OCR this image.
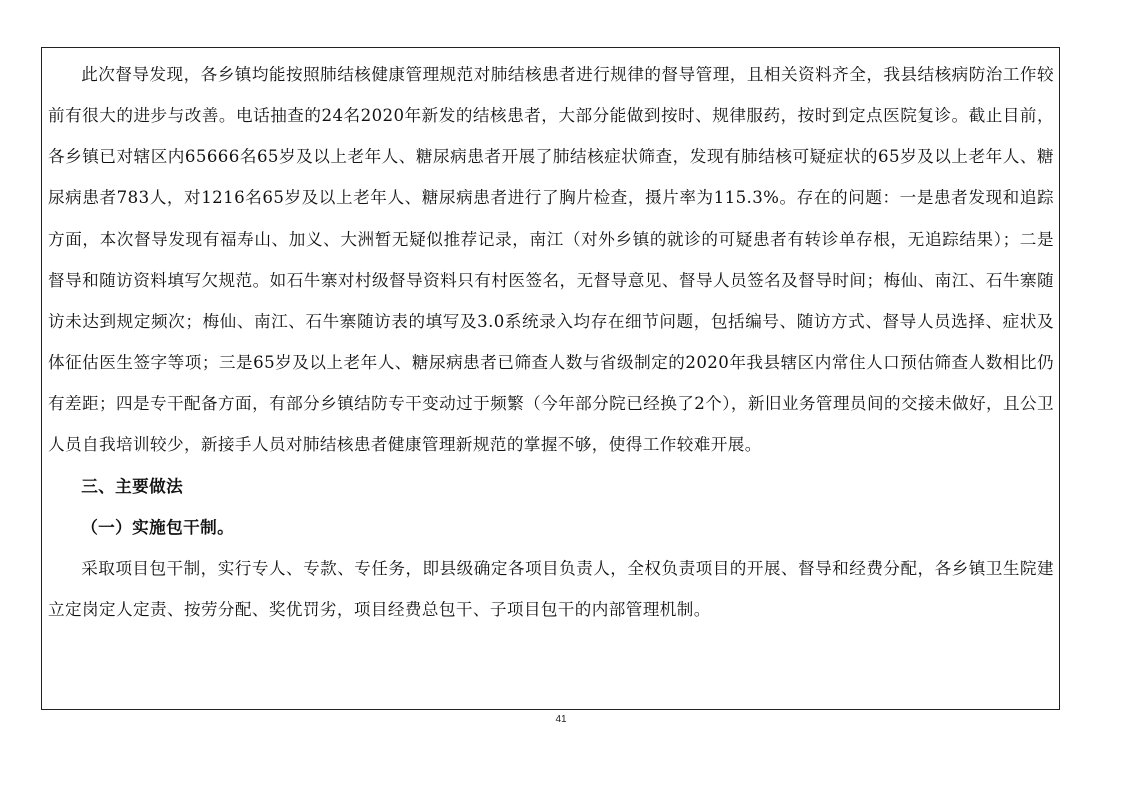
此次督导发现，各乡镇均能按照肺结核健康管理规范对肺结核患者进行规律的督导管理，且相关资料齐全，我县结核病防治工作较前有很大的进步与改善。电话抽查的24名2020年新发的结核患者，大部分能做到按时、规律服药，按时到定点医院复诊。截止目前，各乡镇已对辖区内65666名65岁及以上老年人、糖尿病患者开展了肺结核症状筛查，发现有肺结核可疑症状的65岁及以上老年人、糖尿病患者783人，对1216名65岁及以上老年人、糖尿病患者进行了胸片检查，摄片率为115.3%。存在的问题：一是患者发现和追踪方面，本次督导发现有福寿山、加义、大洲暂无疑似推荐记录，南江（对外乡镇的就诊的可疑患者有转诊单存根，无追踪结果）；二是督导和随访资料填写欠规范。如石牛寨对村级督导资料只有村医签名，无督导意见、督导人员签名及督导时间；梅仙、南江、石牛寨随访未达到规定频次；梅仙、南江、石牛寨随访表的填写及3.0系统录入均存在细节问题，包括编号、随访方式、督导人员选择、症状及体征估医生签字等项；三是65岁及以上老年人、糖尿病患者已筛查人数与省级制定的2020年我县辖区内常住人口预估筛查人数相比仍有差距；四是专干配备方面，有部分乡镇结防专干变动过于频繁（今年部分院已经换了2个），新旧业务管理员间的交接未做好，且公卫人员自我培训较少，新接手人员对肺结核患者健康管理新规范的掌握不够，使得工作较难开展。

三、主要做法

（一）实施包干制。

采取项目包干制，实行专人、专款、专任务，即县级确定各项目负责人，全权负责项目的开展、督导和经费分配，各乡镇卫生院建立定岗定人定责、按劳分配、奖优罚劣，项目经费总包干、子项目包干的内部管理机制。

41
